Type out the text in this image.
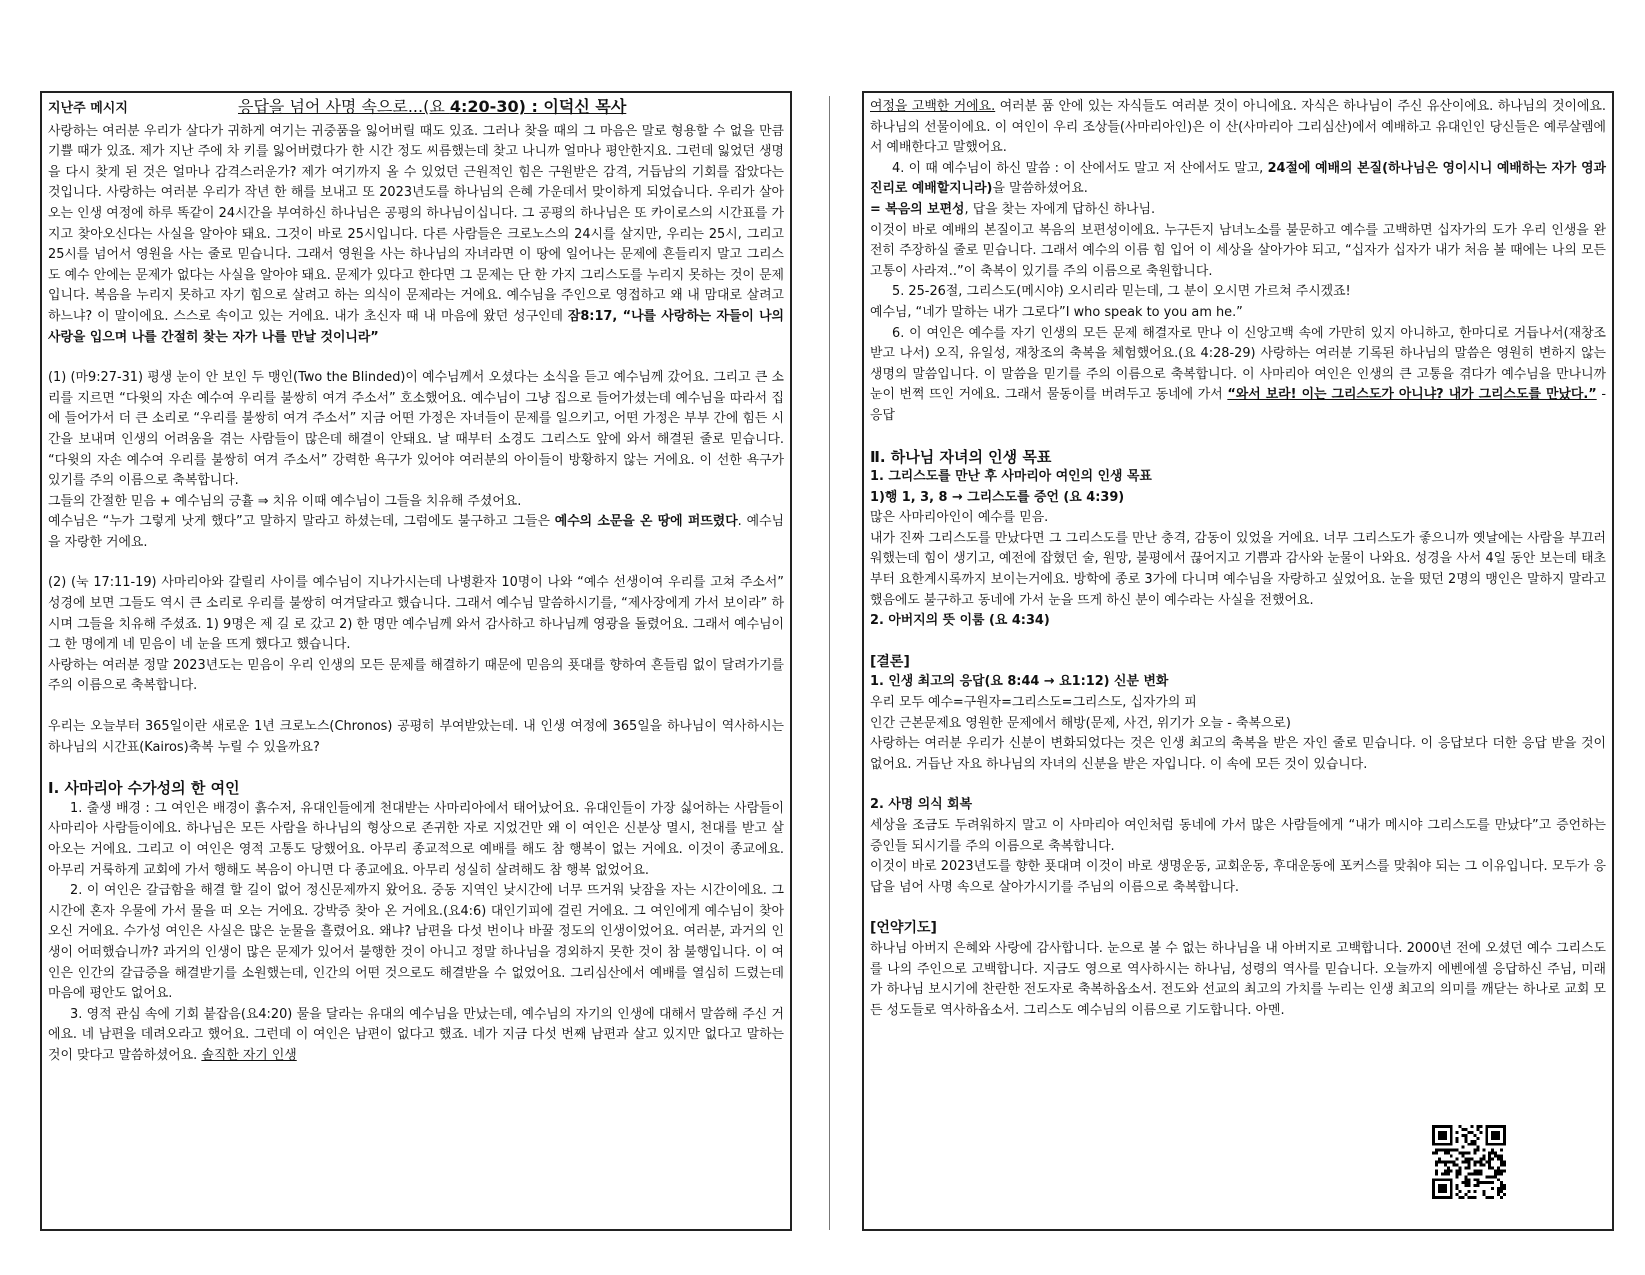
지난주 메시지	응답을 넘어 사명 속으로...(요 4:20-30) : 이덕신 목사

사랑하는 여러분 우리가 살다가 귀하게 여기는 귀중품을 잃어버릴 때도 있죠. 그러나 찾을 때의 그 마음은 말로 형용할 수 없을 만큼 기쁠 때가 있죠. 제가 지난 주에 차 키를 잃어버렸다가 한 시간 정도 씨름했는데 찾고 나니까 얼마나 평안한지요. 그런데 잃었던 생명을 다시 찾게 된 것은 얼마나 감격스러운가? 제가 여기까지 올 수 있었던 근원적인 힘은 구원받은 감격, 거듭남의 기회를 잡았다는 것입니다. 사랑하는 여러분 우리가 작년 한 해를 보내고 또 2023년도를 하나님의 은혜 가운데서 맞이하게 되었습니다. 우리가 살아오는 인생 여정에 하루 똑같이 24시간을 부여하신 하나님은 공평의 하나님이십니다. 그 공평의 하나님은 또 카이로스의 시간표를 가지고 찾아오신다는 사실을 알아야 돼요. 그것이 바로 25시입니다. 다른 사람들은 크로노스의 24시를 살지만, 우리는 25시, 그리고 25시를 넘어서 영원을 사는 줄로 믿습니다. 그래서 영원을 사는 하나님의 자녀라면 이 땅에 일어나는 문제에 흔들리지 말고 그리스도 예수 안에는 문제가 없다는 사실을 알아야 돼요. 문제가 있다고 한다면 그 문제는 단 한 가지 그리스도를 누리지 못하는 것이 문제입니다. 복음을 누리지 못하고 자기 힘으로 살려고 하는 의식이 문제라는 거에요. 예수님을 주인으로 영접하고 왜 내 맘대로 살려고 하느냐? 이 말이에요. 스스로 속이고 있는 거에요. 내가 초신자 때 내 마음에 왔던 성구인데 잠8:17, “나를 사랑하는 자들이 나의 사랑을 입으며 나를 간절히 찾는 자가 나를 만날 것이니라”

(1) (마9:27-31) 평생 눈이 안 보인 두 맹인(Two the Blinded)이 예수님께서 오셨다는 소식을 듣고 예수님께 갔어요. 그리고 큰 소리를 지르면 “다윗의 자손 예수여 우리를 불쌍히 여겨 주소서” 호소했어요. 예수님이 그냥 집으로 들어가셨는데 예수님을 따라서 집에 들어가서 더 큰 소리로 “우리를 불쌍히 여겨 주소서” 지금 어떤 가정은 자녀들이 문제를 일으키고, 어떤 가정은 부부 간에 힘든 시간을 보내며 인생의 어려움을 겪는 사람들이 많은데 해결이 안돼요. 날 때부터 소경도 그리스도 앞에 와서 해결된 줄로 믿습니다. “다윗의 자손 예수여 우리를 불쌍히 여겨 주소서” 강력한 욕구가 있어야 여러분의 아이들이 방황하지 않는 거에요. 이 선한 욕구가 있기를 주의 이름으로 축복합니다.

그들의 간절한 믿음 + 예수님의 긍휼 ⇒ 치유 이때 예수님이 그들을 치유해 주셨어요.

예수님은 “누가 그렇게 낫게 했다”고 말하지 말라고 하셨는데, 그럼에도 불구하고 그들은 예수의 소문을 온 땅에 퍼뜨렸다. 예수님을 자랑한 거에요.

(2) (눅 17:11-19) 사마리아와 갈릴리 사이를 예수님이 지나가시는데 나병환자 10명이 나와 “예수 선생이여 우리를 고쳐 주소서” 성경에 보면 그들도 역시 큰 소리로 우리를 불쌍히 여겨달라고 했습니다. 그래서 예수님 말씀하시기를, “제사장에게 가서 보이라” 하시며 그들을 치유해 주셨죠. 1) 9명은 제 길 로 갔고 2) 한 명만 예수님께 와서 감사하고 하나님께 영광을 돌렸어요. 그래서 예수님이 그 한 명에게 네 믿음이 네 눈을 뜨게 했다고 했습니다.

사랑하는 여러분 정말 2023년도는 믿음이 우리 인생의 모든 문제를 해결하기 때문에 믿음의 푯대를 향하여 흔들림 없이 달려가기를 주의 이름으로 축복합니다.

우리는 오늘부터 365일이란 새로운 1년 크로노스(Chronos) 공평히 부여받았는데. 내 인생 여정에 365일을 하나님이 역사하시는 하나님의 시간표(Kairos)축복 누릴 수 있을까요?

Ⅰ. 사마리아 수가성의 한 여인

1. 출생 배경 : 그 여인은 배경이 흙수저, 유대인들에게 천대받는 사마리아에서 태어났어요. 유대인들이 가장 싫어하는 사람들이 사마리아 사람들이에요. 하나님은 모든 사람을 하나님의 형상으로 존귀한 자로 지었건만 왜 이 여인은 신분상 멸시, 천대를 받고 살아오는 거에요. 그리고 이 여인은 영적 고통도 당했어요. 아무리 종교적으로 예배를 해도 참 행복이 없는 거에요. 이것이 종교에요. 아무리 거룩하게 교회에 가서 행해도 복음이 아니면 다 종교에요. 아무리 성실히 살려해도 참 행복 없었어요.

2. 이 여인은 갈급함을 해결 할 길이 없어 정신문제까지 왔어요. 중동 지역인 낮시간에 너무 뜨거워 낮잠을 자는 시간이에요. 그 시간에 혼자 우물에 가서 물을 떠 오는 거에요. 강박증 찾아 온 거에요.(요4:6) 대인기피에 걸린 거에요. 그 여인에게 예수님이 찾아오신 거에요. 수가성 여인은 사실은 많은 눈물을 흘렸어요. 왜냐? 남편을 다섯 번이나 바꿀 정도의 인생이었어요. 여러분, 과거의 인생이 어떠했습니까? 과거의 인생이 많은 문제가 있어서 불행한 것이 아니고 정말 하나님을 경외하지 못한 것이 참 불행입니다. 이 여인은 인간의 갈급증을 해결받기를 소원했는데, 인간의 어떤 것으로도 해결받을 수 없었어요. 그리심산에서 예배를 열심히 드렸는데 마음에 평안도 없어요.

3. 영적 관심 속에 기회 붙잡음(요4:20) 물을 달라는 유대의 예수님을 만났는데, 예수님의 자기의 인생에 대해서 말씀해 주신 거에요. 네 남편을 데려오라고 했어요. 그런데 이 여인은 남편이 없다고 했죠. 네가 지금 다섯 번째 남편과 살고 있지만 없다고 말하는 것이 맞다고 말씀하셨어요. 솔직한 자기 인생

여정을 고백한 거에요. 여러분 품 안에 있는 자식들도 여러분 것이 아니에요. 자식은 하나님이 주신 유산이에요. 하나님의 것이에요. 하나님의 선물이에요. 이 여인이 우리 조상들(사마리아인)은 이 산(사마리아 그리심산)에서 예배하고 유대인인 당신들은 예루살렘에서 예배한다고 말했어요.

4. 이 때 예수님이 하신 말씀 : 이 산에서도 말고 저 산에서도 말고, 24절에 예배의 본질(하나님은 영이시니 예배하는 자가 영과 진리로 예배할지니라)을 말씀하셨어요.

= 복음의 보편성, 답을 찾는 자에게 답하신 하나님.

이것이 바로 예배의 본질이고 복음의 보편성이에요. 누구든지 남녀노소를 불문하고 예수를 고백하면 십자가의 도가 우리 인생을 완전히 주장하실 줄로 믿습니다. 그래서 예수의 이름 힘 입어 이 세상을 살아가야 되고, “십자가 십자가 내가 처음 볼 때에는 나의 모든 고통이 사라져..”이 축복이 있기를 주의 이름으로 축원합니다.

5. 25-26절, 그리스도(메시야) 오시리라 믿는데, 그 분이 오시면 가르쳐 주시겠죠!

예수님, “네가 말하는 내가 그로다”I who speak to you am he.”

6. 이 여인은 예수를 자기 인생의 모든 문제 해결자로 만나 이 신앙고백 속에 가만히 있지 아니하고, 한마디로 거듭나서(재창조 받고 나서) 오직, 유일성, 재창조의 축복을 체험했어요.(요 4:28-29) 사랑하는 여러분 기록된 하나님의 말씀은 영원히 변하지 않는 생명의 말씀입니다. 이 말씀을 믿기를 주의 이름으로 축복합니다. 이 사마리아 여인은 인생의 큰 고통을 겪다가 예수님을 만나니까 눈이 번쩍 뜨인 거에요. 그래서 물동이를 버려두고 동네에 가서 “와서 보라! 이는 그리스도가 아니냐? 내가 그리스도를 만났다.” - 응답

Ⅱ. 하나님 자녀의 인생 목표

1. 그리스도를 만난 후 사마리아 여인의 인생 목표

1)행 1, 3, 8 → 그리스도를 증언 (요 4:39)

많은 사마리아인이 예수를 믿음.

내가 진짜 그리스도를 만났다면 그 그리스도를 만난 충격, 감동이 있었을 거에요. 너무 그리스도가 좋으니까 옛날에는 사람을 부끄러워했는데 힘이 생기고, 예전에 잡혔던 술, 원망, 불평에서 끊어지고 기쁨과 감사와 눈물이 나와요. 성경을 사서 4일 동안 보는데 태초부터 요한계시록까지 보이는거에요. 방학에 종로 3가에 다니며 예수님을 자랑하고 싶었어요. 눈을 떴던 2명의 맹인은 말하지 말라고 했음에도 불구하고 동네에 가서 눈을 뜨게 하신 분이 예수라는 사실을 전했어요.

2. 아버지의 뜻 이룸 (요 4:34)

[결론]

1. 인생 최고의 응답(요 8:44 → 요1:12) 신분 변화

우리 모두 예수=구원자=그리스도=그리스도, 십자가의 피

인간 근본문제요 영원한 문제에서 해방(문제, 사건, 위기가 오늘 - 축복으로)

사랑하는 여러분 우리가 신분이 변화되었다는 것은 인생 최고의 축복을 받은 자인 줄로 믿습니다. 이 응답보다 더한 응답 받을 것이 없어요. 거듭난 자요 하나님의 자녀의 신분을 받은 자입니다. 이 속에 모든 것이 있습니다.

2. 사명 의식 회복

세상을 조금도 두려워하지 말고 이 사마리아 여인처럼 동네에 가서 많은 사람들에게 “내가 메시야 그리스도를 만났다”고 증언하는 증인들 되시기를 주의 이름으로 축복합니다.

이것이 바로 2023년도를 향한 푯대며 이것이 바로 생명운동, 교회운동, 후대운동에 포커스를 맞춰야 되는 그 이유입니다. 모두가 응답을 넘어 사명 속으로 살아가시기를 주님의 이름으로 축복합니다.

[언약기도]

하나님 아버지 은혜와 사랑에 감사합니다. 눈으로 볼 수 없는 하나님을 내 아버지로 고백합니다. 2000년 전에 오셨던 예수 그리스도를 나의 주인으로 고백합니다. 지금도 영으로 역사하시는 하나님, 성령의 역사를 믿습니다. 오늘까지 에벤에셀 응답하신 주님, 미래가 하나님 보시기에 찬란한 전도자로 축복하옵소서. 전도와 선교의 최고의 가치를 누리는 인생 최고의 의미를 깨닫는 하나로 교회 모든 성도들로 역사하옵소서. 그리스도 예수님의 이름으로 기도합니다. 아멘.
